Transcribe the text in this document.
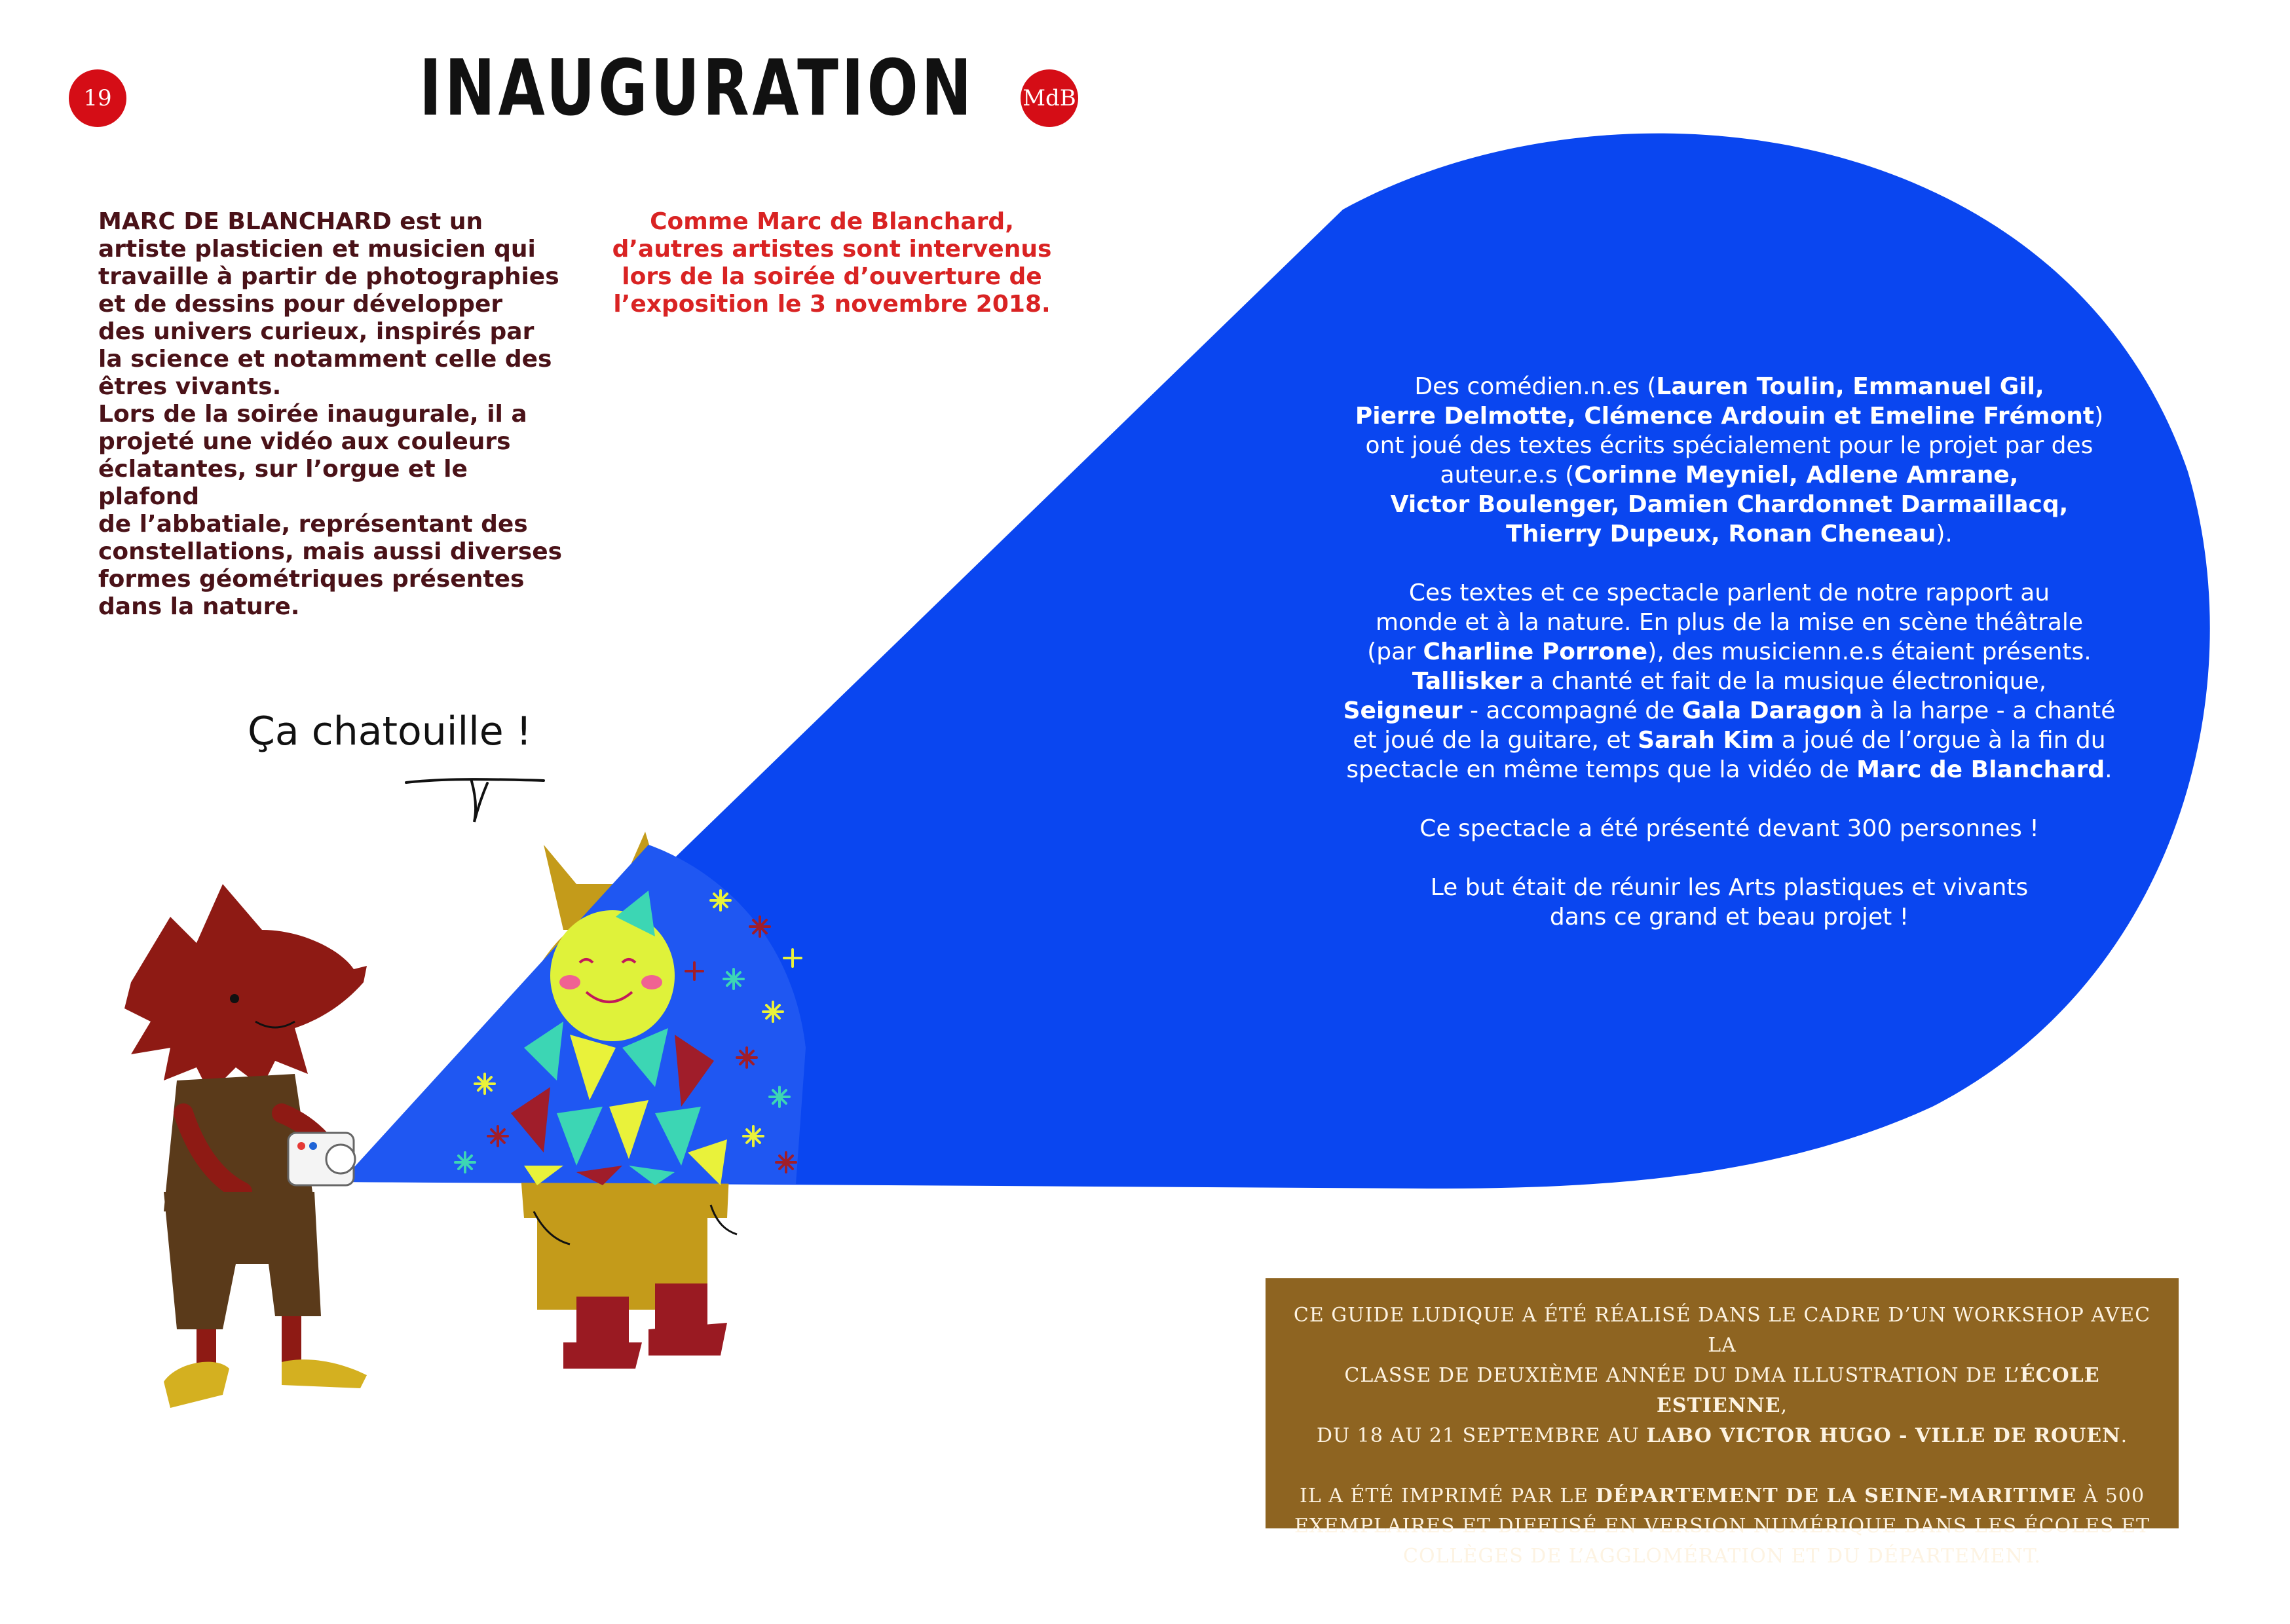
19	INAUGURATION MdB
MARC DE BLANCHARD est un
artiste plasticien et musicien qui
travaille à partir de photographies
et de dessins pour développer
des univers curieux, inspirés par
la science et notamment celle des
êtres vivants.
Lors de la soirée inaugurale, il a
projeté une vidéo aux couleurs
éclatantes, sur l’orgue et le plafond
de l’abbatiale, représentant des
constellations, mais aussi diverses
formes géométriques présentes
dans la nature.
Comme Marc de Blanchard,
d’autres artistes sont intervenus
lors de la soirée d’ouverture de
l’exposition le 3 novembre 2018.
Ça chatouille !

Des comédien.n.es (Lauren Toulin, Emmanuel Gil,
Pierre Delmotte, Clémence Ardouin et Emeline Frémont)
ont joué des textes écrits spécialement pour le projet par des
auteur.e.s (Corinne Meyniel, Adlene Amrane,
Victor Boulenger, Damien Chardonnet Darmaillacq,
Thierry Dupeux, Ronan Cheneau).

Ces textes et ce spectacle parlent de notre rapport au
monde et à la nature. En plus de la mise en scène théâtrale
(par Charline Porrone), des musicienn.e.s étaient présents.
Tallisker a chanté et fait de la musique électronique,
Seigneur - accompagné de Gala Daragon à la harpe - a chanté
et joué de la guitare, et Sarah Kim a joué de l’orgue à la fin du
spectacle en même temps que la vidéo de Marc de Blanchard.

Ce spectacle a été présenté devant 300 personnes !

Le but était de réunir les Arts plastiques et vivants
dans ce grand et beau projet !

CE GUIDE LUDIQUE A ÉTÉ RÉALISÉ DANS LE CADRE D’UN WORKSHOP AVEC LA
CLASSE DE DEUXIÈME ANNÉE DU DMA ILLUSTRATION DE L’ÉCOLE ESTIENNE,
DU 18 AU 21 SEPTEMBRE AU LABO VICTOR HUGO - VILLE DE ROUEN.

IL A ÉTÉ IMPRIMÉ PAR LE DÉPARTEMENT DE LA SEINE-MARITIME À 500
EXEMPLAIRES ET DIFFUSÉ EN VERSION NUMÉRIQUE DANS LES ÉCOLES ET
COLLÈGES DE L’AGGLOMÉRATION ET DU DÉPARTEMENT.
